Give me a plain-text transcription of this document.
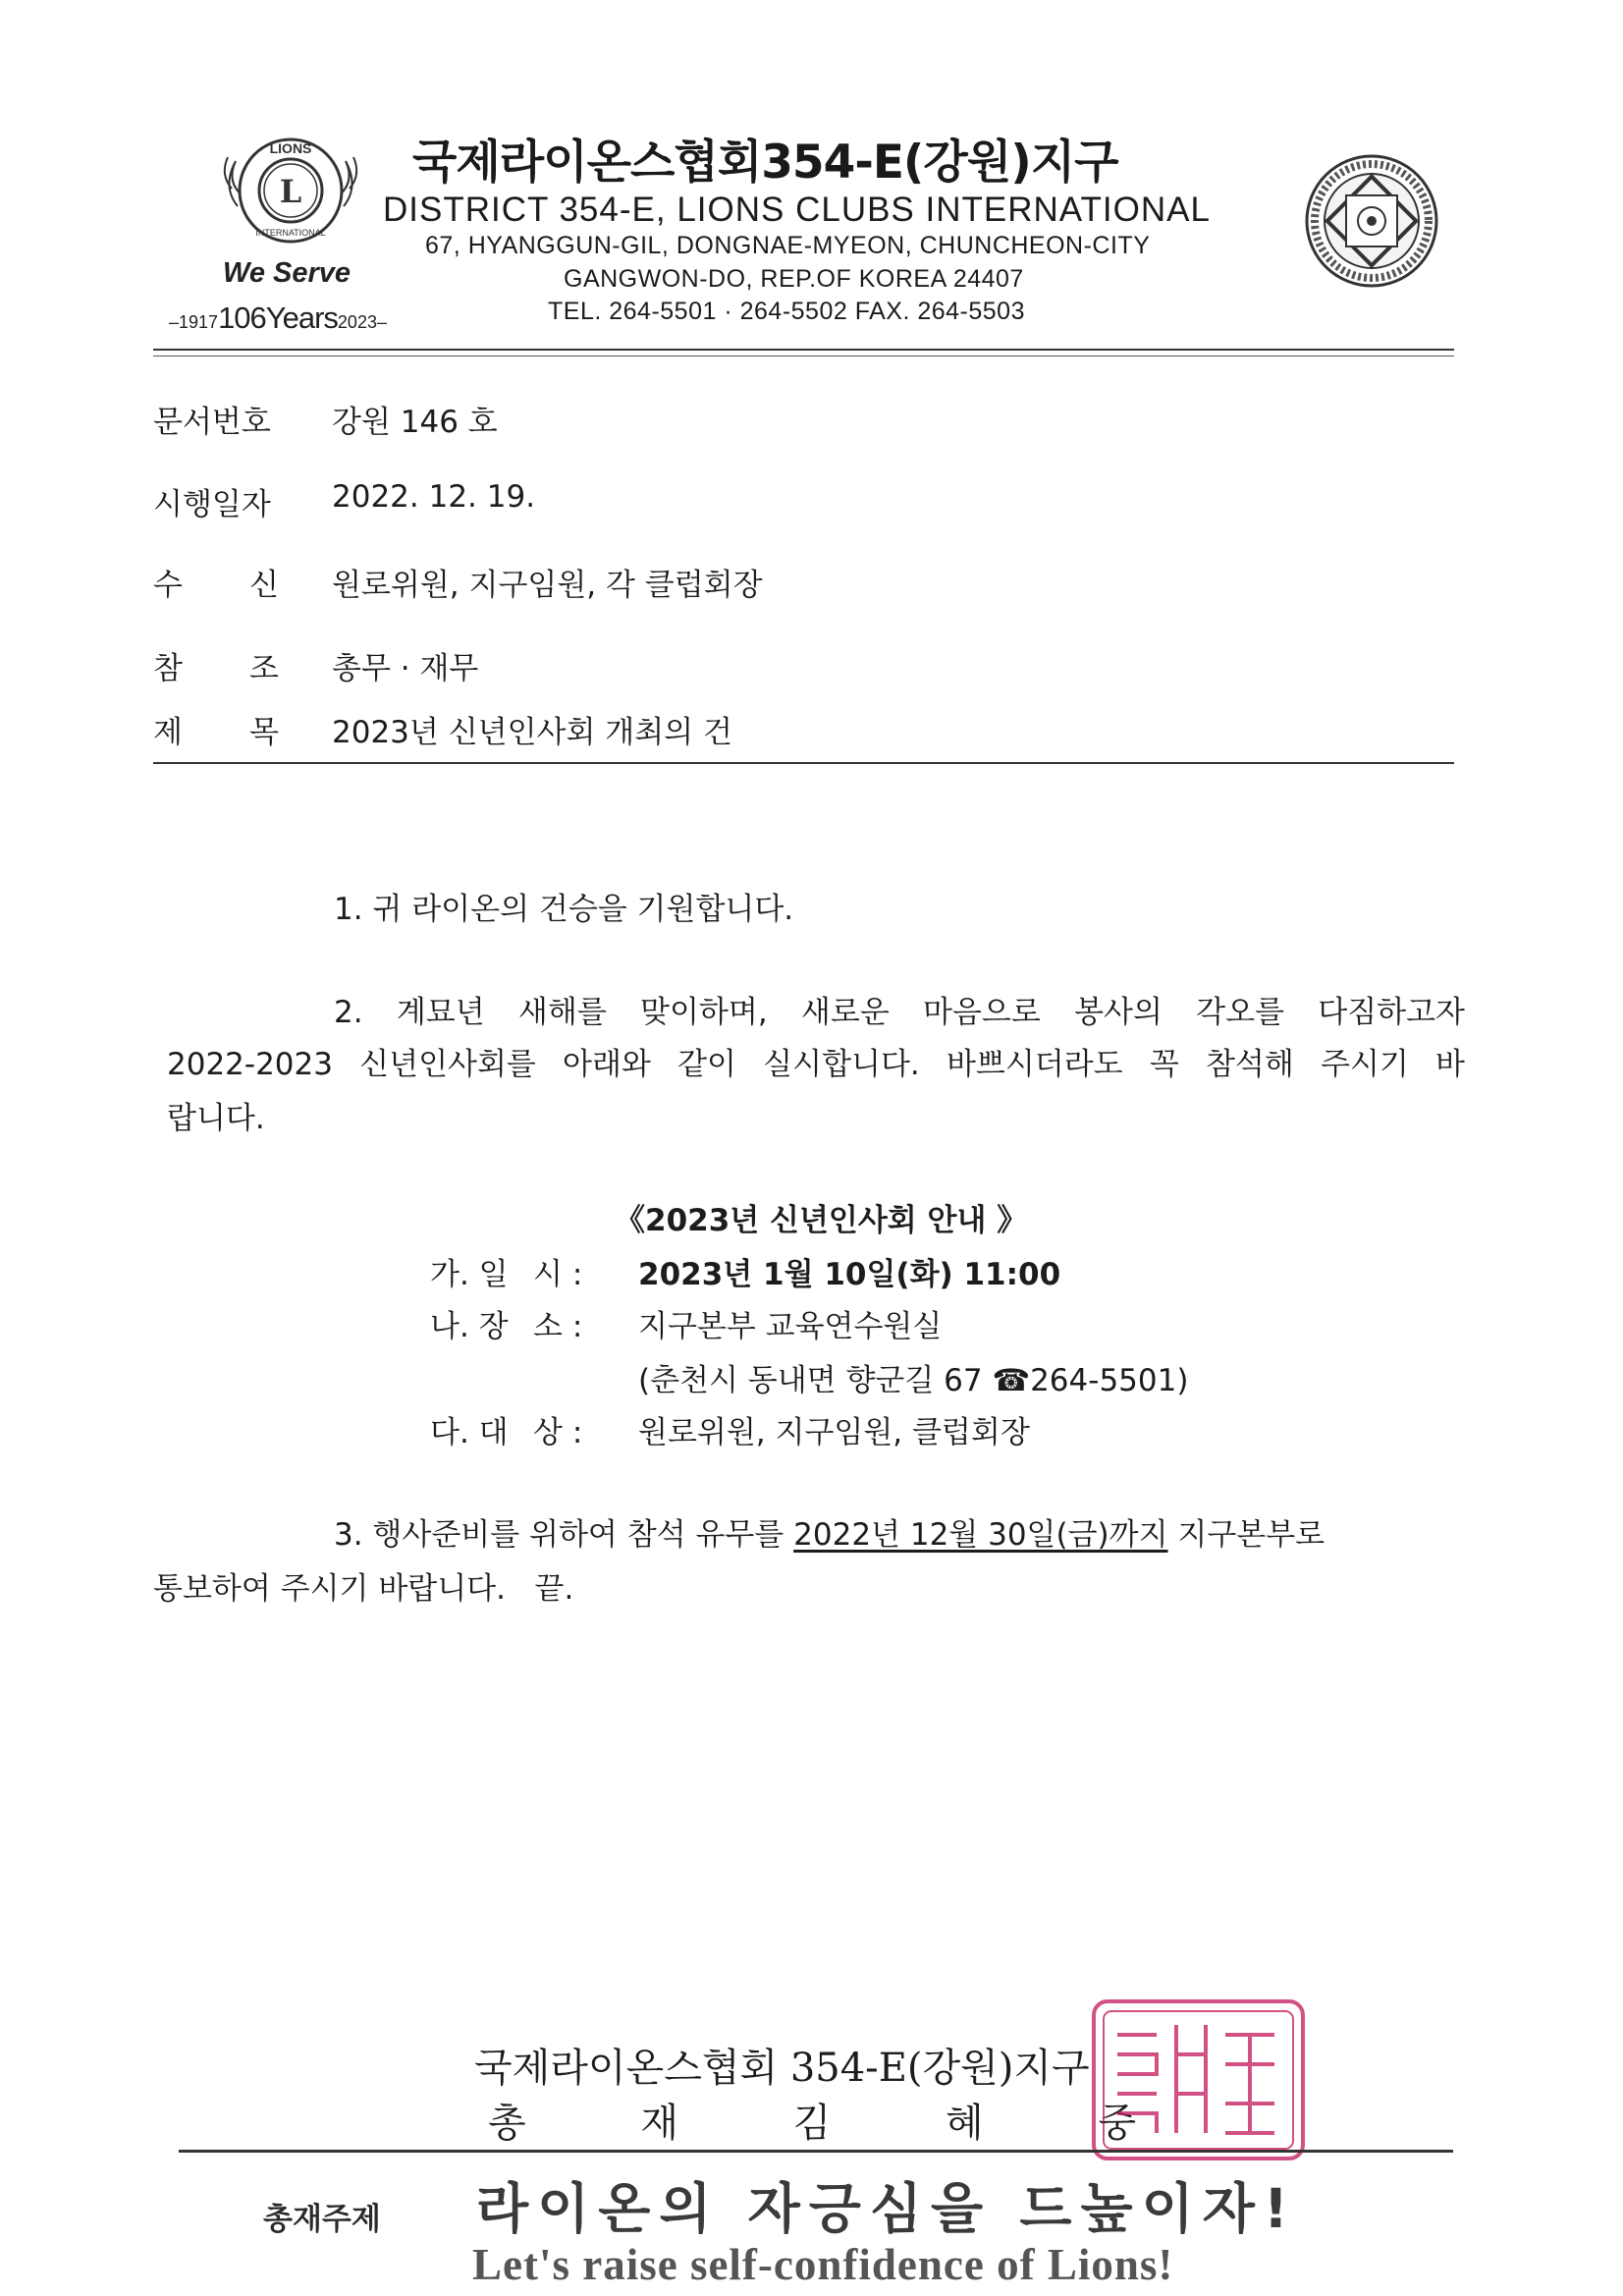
L
LIONS
INTERNATIONAL
We Serve
–1917106Years2023–
국제라이온스협회354-E(강원)지구
DISTRICT 354-E, LIONS CLUBS INTERNATIONAL
67, HYANGGUN-GIL, DONGNAE-MYEON, CHUNCHEON-CITY
GANGWON-DO, REP.OF KOREA 24407
TEL. 264-5501 · 264-5502 FAX. 264-5503
문서번호 강원 146 호
시행일자 2022. 12. 19.
수 신 원로위원, 지구임원, 각 클럽회장
참 조 총무 · 재무
제 목 2023년 신년인사회 개최의 건
1. 귀 라이온의 건승을 기원합니다.
2. 계묘년 새해를 맞이하며, 새로운 마음으로 봉사의 각오를 다짐하고자
2022-2023 신년인사회를 아래와 같이 실시합니다. 바쁘시더라도 꼭 참석해 주시기 바
랍니다.
《2023년 신년인사회 안내 》
가. 일 시 : 2023년 1월 10일(화) 11:00
나. 장 소 : 지구본부 교육연수원실
(춘천시 동내면 향군길 67 ☎264-5501)
다. 대 상 : 원로위원, 지구임원, 클럽회장
3. 행사준비를 위하여 참석 유무를 2022년 12월 30일(금)까지 지구본부로
통보하여 주시기 바랍니다.   끝.
국제라이온스협회 354-E(강원)지구
총	재	김	혜	중
총재주제 라이온의 자긍심을 드높이자!
Let's raise self-confidence of Lions!
